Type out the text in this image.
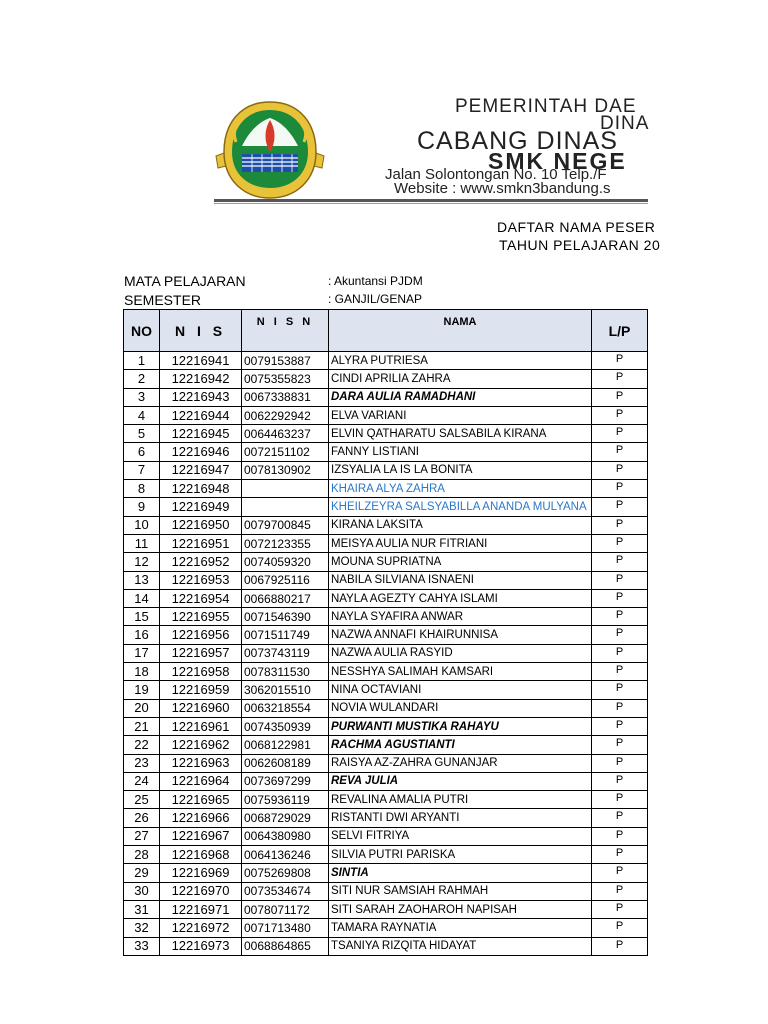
PEMERINTAH DAE
DINA
CABANG DINAS
SMK NEGE
Jalan Solontongan No. 10 Telp./F
Website : www.smkn3bandung.s
DAFTAR NAMA PESER
TAHUN PELAJARAN 20
MATA PELAJARAN	: Akuntansi PJDM
SEMESTER	: GANJIL/GENAP
NO	N I S	N I S N	NAMA	L/P
1	12216941	0079153887	ALYRA PUTRIESA	P
2	12216942	0075355823	CINDI APRILIA ZAHRA	P
3	12216943	0067338831	DARA AULIA RAMADHANI	P
4	12216944	0062292942	ELVA VARIANI	P
5	12216945	0064463237	ELVIN QATHARATU SALSABILA KIRANA	P
6	12216946	0072151102	FANNY LISTIANI	P
7	12216947	0078130902	IZSYALIA LA IS LA BONITA	P
8	12216948		KHAIRA ALYA ZAHRA	P
9	12216949		KHEILZEYRA SALSYABILLA ANANDA MULYANA	P
10	12216950	0079700845	KIRANA LAKSITA	P
11	12216951	0072123355	MEISYA AULIA NUR FITRIANI	P
12	12216952	0074059320	MOUNA SUPRIATNA	P
13	12216953	0067925116	NABILA SILVIANA ISNAENI	P
14	12216954	0066880217	NAYLA AGEZTY CAHYA ISLAMI	P
15	12216955	0071546390	NAYLA SYAFIRA ANWAR	P
16	12216956	0071511749	NAZWA ANNAFI KHAIRUNNISA	P
17	12216957	0073743119	NAZWA AULIA RASYID	P
18	12216958	0078311530	NESSHYA SALIMAH KAMSARI	P
19	12216959	3062015510	NINA OCTAVIANI	P
20	12216960	0063218554	NOVIA WULANDARI	P
21	12216961	0074350939	PURWANTI MUSTIKA RAHAYU	P
22	12216962	0068122981	RACHMA AGUSTIANTI	P
23	12216963	0062608189	RAISYA AZ-ZAHRA GUNANJAR	P
24	12216964	0073697299	REVA JULIA	P
25	12216965	0075936119	REVALINA AMALIA PUTRI	P
26	12216966	0068729029	RISTANTI DWI ARYANTI	P
27	12216967	0064380980	SELVI FITRIYA	P
28	12216968	0064136246	SILVIA PUTRI PARISKA	P
29	12216969	0075269808	SINTIA	P
30	12216970	0073534674	SITI NUR SAMSIAH RAHMAH	P
31	12216971	0078071172	SITI SARAH ZAOHAROH NAPISAH	P
32	12216972	0071713480	TAMARA RAYNATIA	P
33	12216973	0068864865	TSANIYA RIZQITA HIDAYAT	P
